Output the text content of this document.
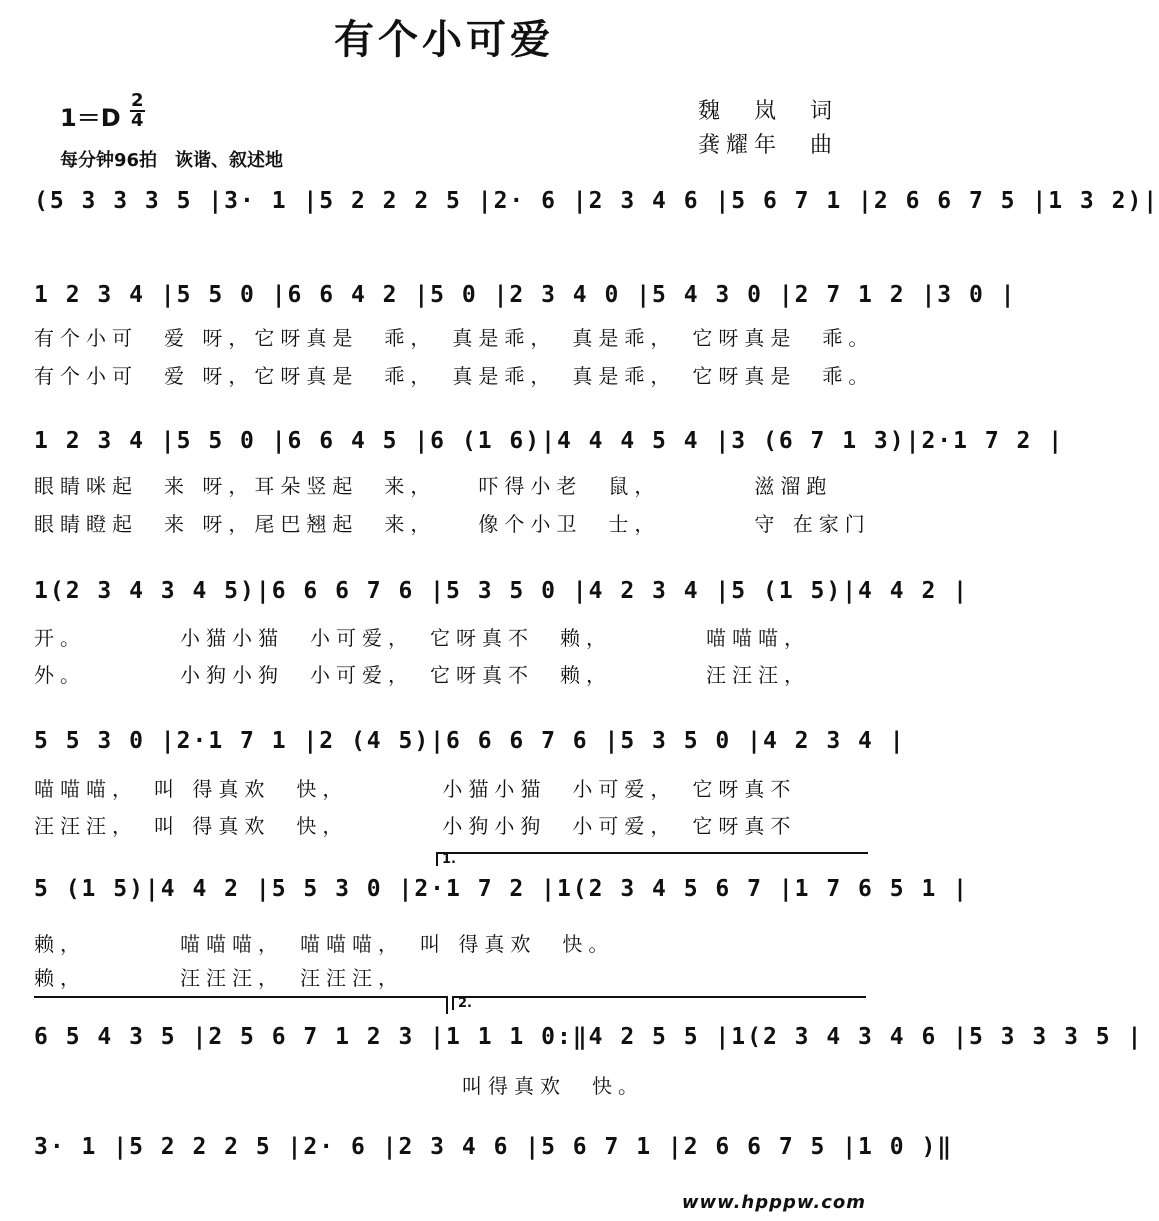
有个小可爱
1＝D
2
4
每分钟96拍　诙谐、叙述地
魏　岚　词
龚耀年　曲
(5 3 3 3 5 |3· 1 |5 2 2 2 5 |2· 6 |2 3 4 6 |5 6 7 1 |2 6 6 7 5 |1 3 2)|
1 2 3 4 |5 5 0 |6 6 4 2 |5 0 |2 3 4 0 |5 4 3 0 |2 7 1 2 |3 0 |
有个小可　爱 呀，它呀真是　乖，　真是乖，　真是乖，　它呀真是　乖。
有个小可　爱 呀，它呀真是　乖，　真是乖，　真是乖，　它呀真是　乖。
1 2 3 4 |5 5 0 |6 6 4 5 |6 (1 6)|4 4 4 5 4 |3 (6 7 1 3)|2·1 7 2 |
眼睛咪起　来 呀，耳朵竖起　来，　　吓得小老　鼠，　　　　滋溜跑
眼睛瞪起　来 呀，尾巴翘起　来，　　像个小卫　士，　　　　守 在家门
1(2 3 4 3 4 5)|6 6 6 7 6 |5 3 5 0 |4 2 3 4 |5 (1 5)|4 4 2 |
开。　　　　小猫小猫　小可爱，　它呀真不　赖，　　　　喵喵喵，
外。　　　　小狗小狗　小可爱，　它呀真不　赖，　　　　汪汪汪，
5 5 3 0 |2·1 7 1 |2 (4 5)|6 6 6 7 6 |5 3 5 0 |4 2 3 4 |
喵喵喵，　叫 得真欢　快，　　　　小猫小猫　小可爱，　它呀真不
汪汪汪，　叫 得真欢　快，　　　　小狗小狗　小可爱，　它呀真不
1.
5 (1 5)|4 4 2 |5 5 3 0 |2·1 7 2 |1(2 3 4 5 6 7 |1 7 6 5 1 |
赖，　　　　喵喵喵，　喵喵喵，　叫 得真欢　快。
赖，　　　　汪汪汪，　汪汪汪，
2.
6 5 4 3 5 |2 5 6 7 1 2 3 |1 1 1 0:‖4 2 5 5 |1(2 3 4 3 4 6 |5 3 3 3 5 |
叫得真欢　快。
3· 1 |5 2 2 2 5 |2· 6 |2 3 4 6 |5 6 7 1 |2 6 6 7 5 |1 0 )‖
www.hpppw.com
